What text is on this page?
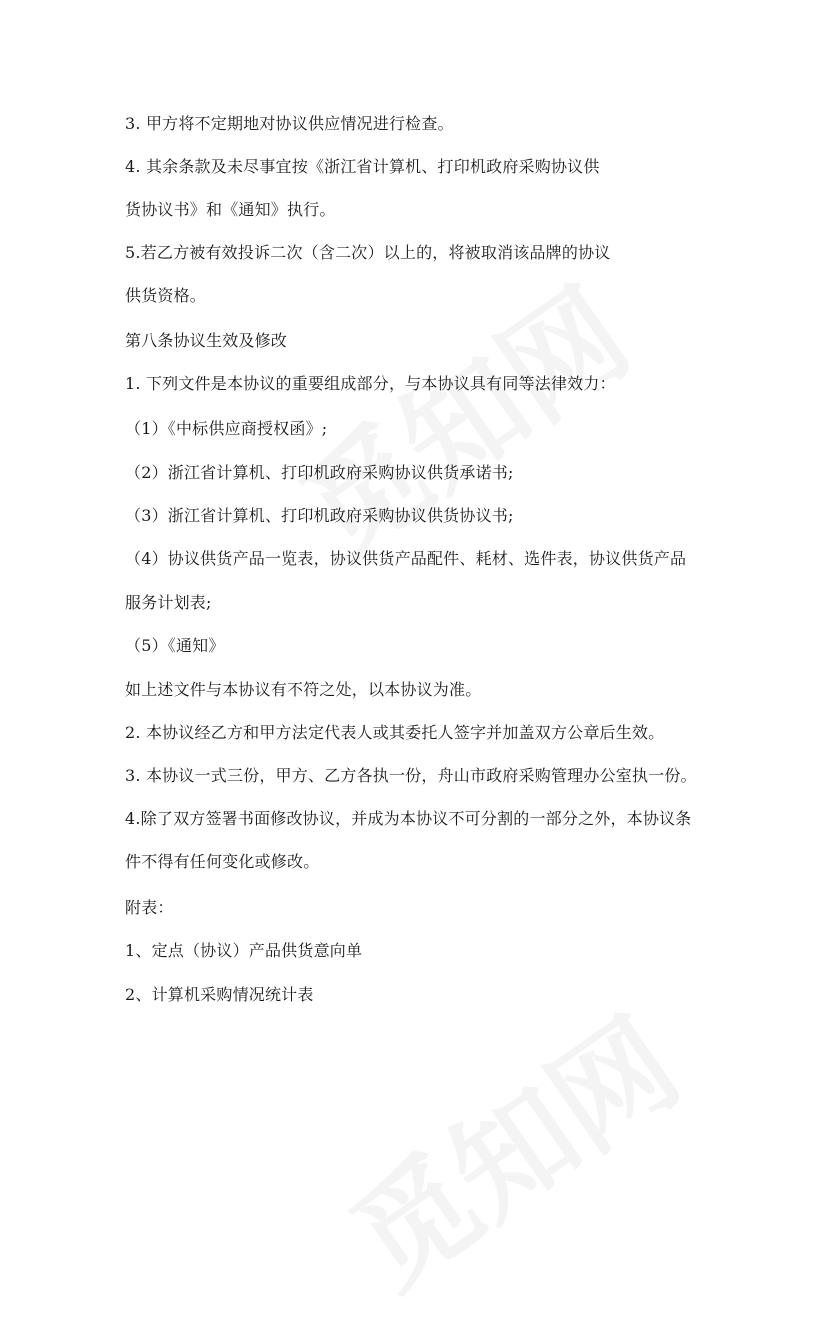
3. 甲方将不定期地对协议供应情况进行检查。
4. 其余条款及未尽事宜按《浙江省计算机、打印机政府采购协议供
货协议书》和《通知》执行。
5.若乙方被有效投诉二次（含二次）以上的，将被取消该品牌的协议
供货资格。
第八条协议生效及修改
1. 下列文件是本协议的重要组成部分，与本协议具有同等法律效力：
（1）《中标供应商授权函》;
（2）浙江省计算机、打印机政府采购协议供货承诺书;
（3）浙江省计算机、打印机政府采购协议供货协议书;
（4）协议供货产品一览表，协议供货产品配件、耗材、选件表，协议供货产品
服务计划表;
（5）《通知》
如上述文件与本协议有不符之处，以本协议为准。
2. 本协议经乙方和甲方法定代表人或其委托人签字并加盖双方公章后生效。
3. 本协议一式三份，甲方、乙方各执一份，舟山市政府采购管理办公室执一份。
4.除了双方签署书面修改协议，并成为本协议不可分割的一部分之外，本协议条
件不得有任何变化或修改。
附表：
1、定点（协议）产品供货意向单
2、计算机采购情况统计表
